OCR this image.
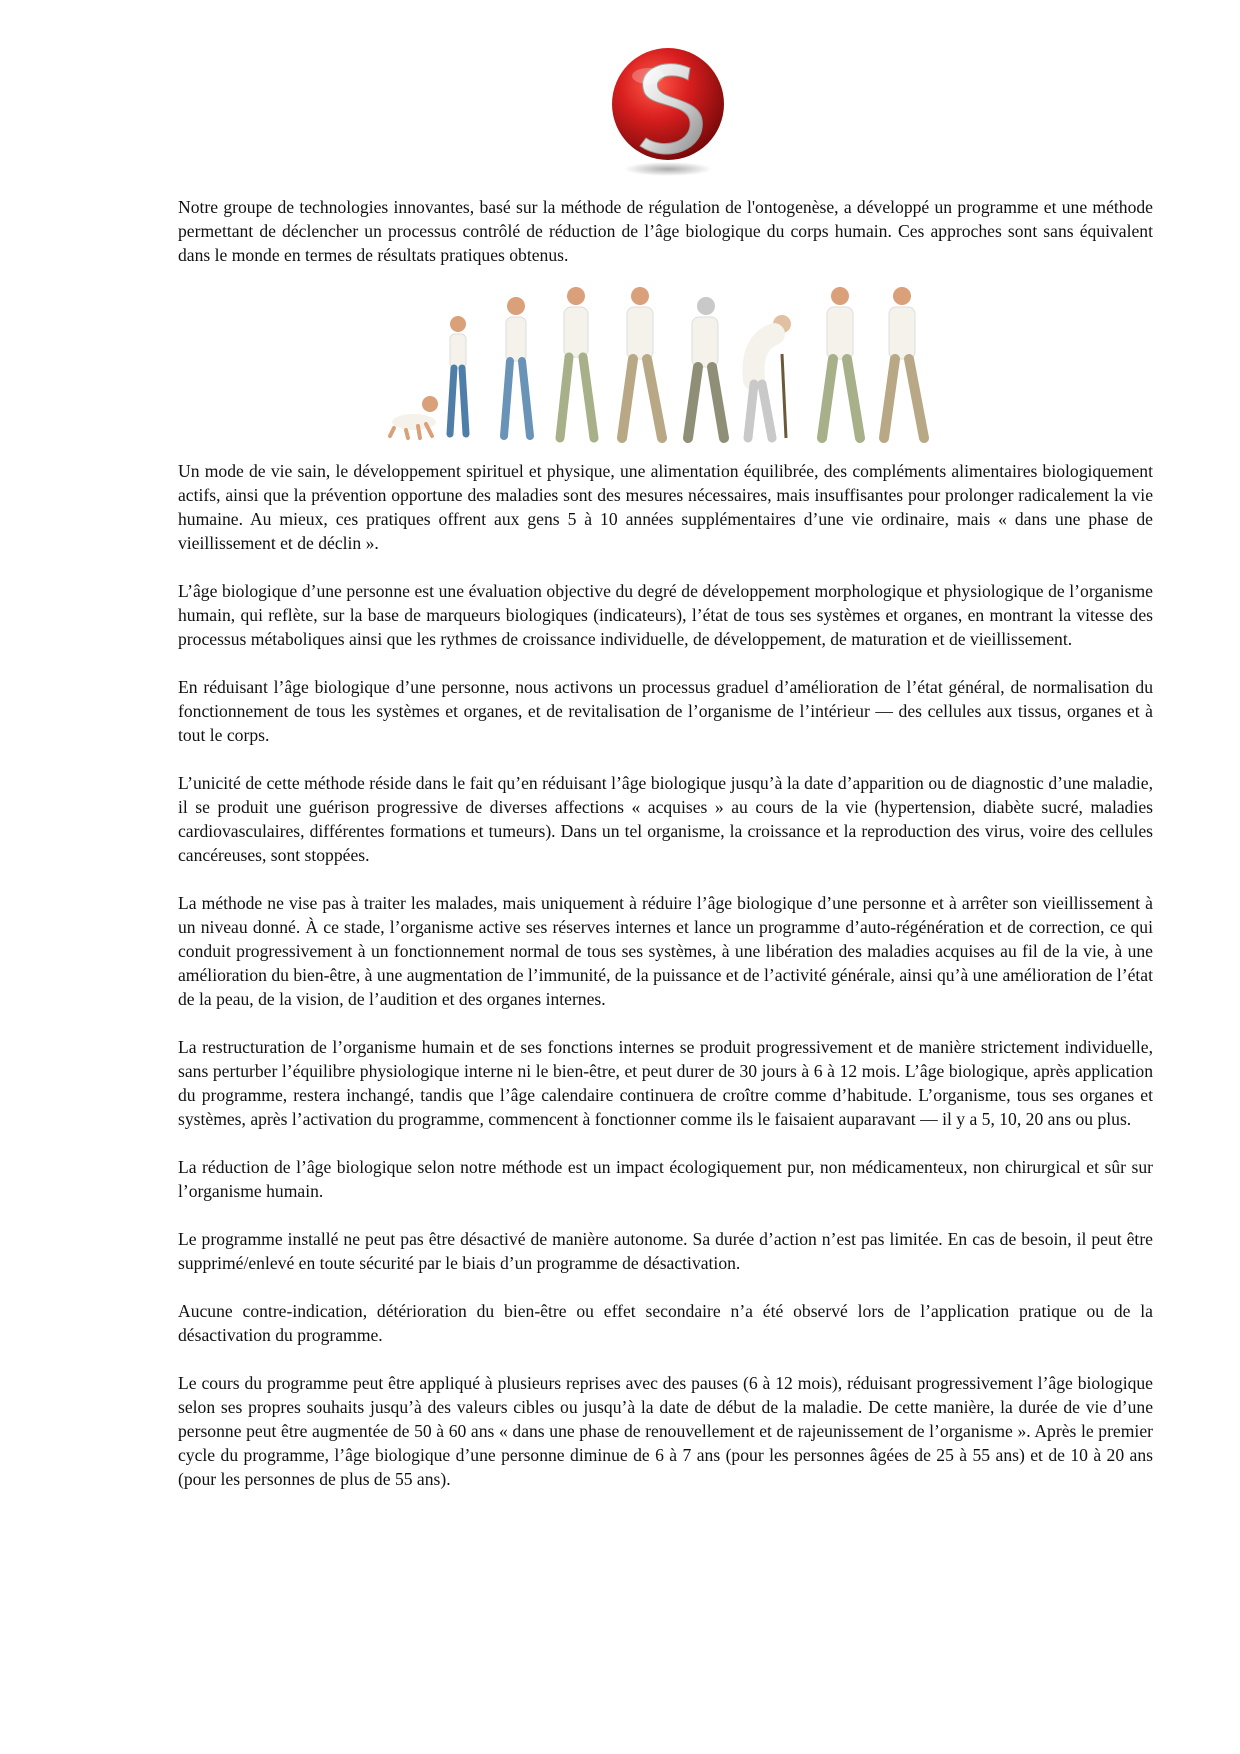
Notre groupe de technologies innovantes, basé sur la méthode de régulation de l'ontogenèse, a développé un programme et une méthode permettant de déclencher un processus contrôlé de réduction de l’âge biologique du corps humain. Ces approches sont sans équivalent dans le monde en termes de résultats pratiques obtenus.

Un mode de vie sain, le développement spirituel et physique, une alimentation équilibrée, des compléments alimentaires biologiquement actifs, ainsi que la prévention opportune des maladies sont des mesures nécessaires, mais insuffisantes pour prolonger radicalement la vie humaine. Au mieux, ces pratiques offrent aux gens 5 à 10 années supplémentaires d’une vie ordinaire, mais « dans une phase de vieillissement et de déclin ».

L’âge biologique d’une personne est une évaluation objective du degré de développement morphologique et physiologique de l’organisme humain, qui reflète, sur la base de marqueurs biologiques (indicateurs), l’état de tous ses systèmes et organes, en montrant la vitesse des processus métaboliques ainsi que les rythmes de croissance individuelle, de développement, de maturation et de vieillissement.

En réduisant l’âge biologique d’une personne, nous activons un processus graduel d’amélioration de l’état général, de normalisation du fonctionnement de tous les systèmes et organes, et de revitalisation de l’organisme de l’intérieur — des cellules aux tissus, organes et à tout le corps.

L’unicité de cette méthode réside dans le fait qu’en réduisant l’âge biologique jusqu’à la date d’apparition ou de diagnostic d’une maladie, il se produit une guérison progressive de diverses affections « acquises » au cours de la vie (hypertension, diabète sucré, maladies cardiovasculaires, différentes formations et tumeurs). Dans un tel organisme, la croissance et la reproduction des virus, voire des cellules cancéreuses, sont stoppées.

La méthode ne vise pas à traiter les malades, mais uniquement à réduire l’âge biologique d’une personne et à arrêter son vieillissement à un niveau donné. À ce stade, l’organisme active ses réserves internes et lance un programme d’auto-régénération et de correction, ce qui conduit progressivement à un fonctionnement normal de tous ses systèmes, à une libération des maladies acquises au fil de la vie, à une amélioration du bien-être, à une augmentation de l’immunité, de la puissance et de l’activité générale, ainsi qu’à une amélioration de l’état de la peau, de la vision, de l’audition et des organes internes.

La restructuration de l’organisme humain et de ses fonctions internes se produit progressivement et de manière strictement individuelle, sans perturber l’équilibre physiologique interne ni le bien-être, et peut durer de 30 jours à 6 à 12 mois. L’âge biologique, après application du programme, restera inchangé, tandis que l’âge calendaire continuera de croître comme d’habitude. L’organisme, tous ses organes et systèmes, après l’activation du programme, commencent à fonctionner comme ils le faisaient auparavant — il y a 5, 10, 20 ans ou plus.

La réduction de l’âge biologique selon notre méthode est un impact écologiquement pur, non médicamenteux, non chirurgical et sûr sur l’organisme humain.

Le programme installé ne peut pas être désactivé de manière autonome. Sa durée d’action n’est pas limitée. En cas de besoin, il peut être supprimé/enlevé en toute sécurité par le biais d’un programme de désactivation.

Aucune contre-indication, détérioration du bien-être ou effet secondaire n’a été observé lors de l’application pratique ou de la désactivation du programme.

Le cours du programme peut être appliqué à plusieurs reprises avec des pauses (6 à 12 mois), réduisant progressivement l’âge biologique selon ses propres souhaits jusqu’à des valeurs cibles ou jusqu’à la date de début de la maladie. De cette manière, la durée de vie d’une personne peut être augmentée de 50 à 60 ans « dans une phase de renouvellement et de rajeunissement de l’organisme ». Après le premier cycle du programme, l’âge biologique d’une personne diminue de 6 à 7 ans (pour les personnes âgées de 25 à 55 ans) et de 10 à 20 ans (pour les personnes de plus de 55 ans).
